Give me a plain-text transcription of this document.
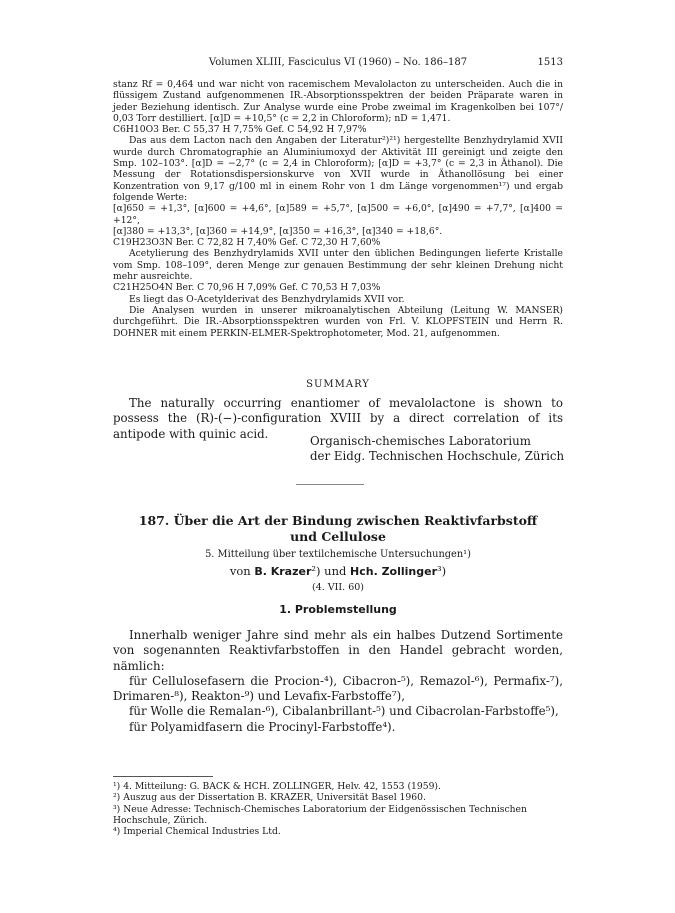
Volumen XLIII, Fasciculus VI (1960) – No. 186–187	1513

stanz Rf = 0,464 und war nicht von racemischem Mevalolacton zu unterscheiden. Auch die in flüssigem Zustand aufgenommenen IR.-Absorptionsspektren der beiden Präparate waren in jeder Beziehung identisch. Zur Analyse wurde eine Probe zweimal im Kragenkolben bei 107°/ 0,03 Torr destilliert. [α]D = +10,5° (c = 2,2 in Chloroform); nD = 1,471.

C6H10O3 Ber. C 55,37 H 7,75% Gef. C 54,92 H 7,97%

Das aus dem Lacton nach den Angaben der Literatur²)²¹) hergestellte Benzhydrylamid XVII wurde durch Chromatographie an Aluminiumoxyd der Aktivität III gereinigt und zeigte den Smp. 102–103°. [α]D = −2,7° (c = 2,4 in Chloroform); [α]D = +3,7° (c = 2,3 in Äthanol). Die Messung der Rotationsdispersionskurve von XVII wurde in Äthanollösung bei einer Konzentration von 9,17 g/100 ml in einem Rohr von 1 dm Länge vorgenommen¹⁷) und ergab folgende Werte:

[α]650 = +1,3°, [α]600 = +4,6°, [α]589 = +5,7°, [α]500 = +6,0°, [α]490 = +7,7°, [α]400 = +12°,

[α]380 = +13,3°, [α]360 = +14,9°, [α]350 = +16,3°, [α]340 = +18,6°.

C19H23O3N Ber. C 72,82 H 7,40% Gef. C 72,30 H 7,60%

Acetylierung des Benzhydrylamids XVII unter den üblichen Bedingungen lieferte Kristalle vom Smp. 108–109°, deren Menge zur genauen Bestimmung der sehr kleinen Drehung nicht mehr ausreichte.

C21H25O4N Ber. C 70,96 H 7,09% Gef. C 70,53 H 7,03%

Es liegt das O-Acetylderivat des Benzhydrylamids XVII vor.

Die Analysen wurden in unserer mikroanalytischen Abteilung (Leitung W. MANSER) durchgeführt. Die IR.-Absorptionsspektren wurden von Frl. V. KLOPFSTEIN und Herrn R. DOHNER mit einem PERKIN-ELMER-Spektrophotometer, Mod. 21, aufgenommen.

SUMMARY

The naturally occurring enantiomer of mevalolactone is shown to possess the (R)-(−)-configuration XVIII by a direct correlation of its antipode with quinic acid.

Organisch-chemisches Laboratorium
der Eidg. Technischen Hochschule, Zürich
187. Über die Art der Bindung zwischen Reaktivfarbstoff
und Cellulose
5. Mitteilung über textilchemische Untersuchungen¹)
von B. Krazer²) und Hch. Zollinger³)
(4. VII. 60)
1. Problemstellung

Innerhalb weniger Jahre sind mehr als ein halbes Dutzend Sortimente von sogenannten Reaktivfarbstoffen in den Handel gebracht worden, nämlich:

für Cellulosefasern die Procion-⁴), Cibacron-⁵), Remazol-⁶), Permafix-⁷), Drimaren-⁸), Reakton-⁹) und Levafix-Farbstoffe⁷),

für Wolle die Remalan-⁶), Cibalanbrillant-⁵) und Cibacrolan-Farbstoffe⁵),

für Polyamidfasern die Procinyl-Farbstoffe⁴).

¹) 4. Mitteilung: G. BACK & HCH. ZOLLINGER, Helv. 42, 1553 (1959).

²) Auszug aus der Dissertation B. KRAZER, Universität Basel 1960.

³) Neue Adresse: Technisch-Chemisches Laboratorium der Eidgenössischen Technischen Hochschule, Zürich.

⁴) Imperial Chemical Industries Ltd.
